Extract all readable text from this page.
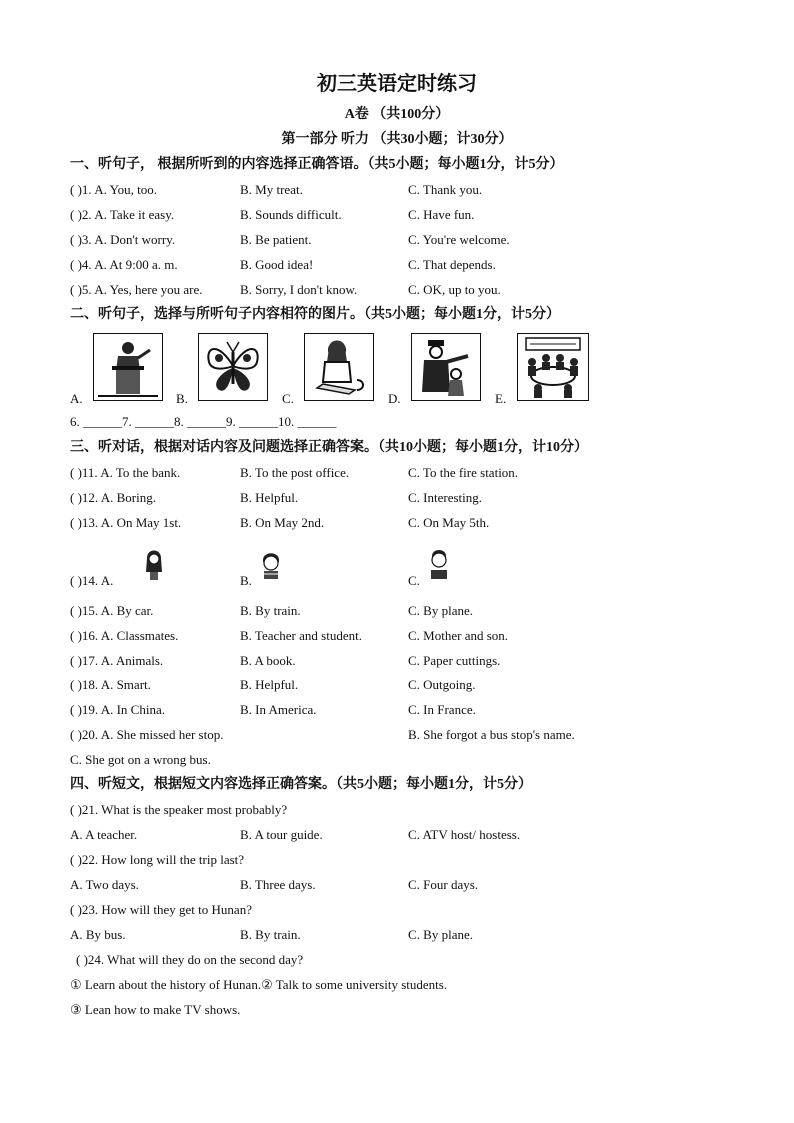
初三英语定时练习
A卷 （共100分）
第一部分 听力 （共30小题；计30分）
一、听句子， 根据所听到的内容选择正确答语。（共5小题；每小题1分，计5分）
( )1. A. You, too.	B. My treat.	C. Thank you.
( )2. A. Take it easy.	B. Sounds difficult.	C. Have fun.
( )3. A. Don't worry.	B. Be patient.	C. You're welcome.
( )4. A. At 9:00 a. m.	B. Good idea!	C. That depends.
( )5. A. Yes, here you are.	B. Sorry, I don't know.	C. OK, up to you.
二、听句子，选择与所听句子内容相符的图片。（共5小题；每小题1分，计5分）
A.	B.	C.	D.	E.
6. ______7. ______8. ______9. ______10. ______
三、听对话，根据对话内容及问题选择正确答案。（共10小题；每小题1分，计10分）
( )11. A. To the bank.	B. To the post office.	C. To the fire station.
( )12. A. Boring.	B. Helpful.	C. Interesting.
( )13. A. On May 1st.	B. On May 2nd.	C. On May 5th.
( )14. A.	B.	C.
( )15. A. By car.	B. By train.	C. By plane.
( )16. A. Classmates.	B. Teacher and student.	C. Mother and son.
( )17. A. Animals.	B. A book.	C. Paper cuttings.
( )18. A. Smart.	B. Helpful.	C. Outgoing.
( )19. A. In China.	B. In America.	C. In France.
( )20. A. She missed her stop.	B. She forgot a bus stop's name.
C. She got on a wrong bus.
四、听短文，根据短文内容选择正确答案。（共5小题；每小题1分，计5分）
( )21. What is the speaker most probably?
A. A teacher.	B. A tour guide.	C. ATV host/ hostess.
( )22. How long will the trip last?
A. Two days.	B. Three days.	C. Four days.
( )23. How will they get to Hunan?
A. By bus.	B. By train.	C. By plane.
( )24. What will they do on the second day?
① Learn about the history of Hunan.② Talk to some university students.
③ Lean how to make TV shows.
